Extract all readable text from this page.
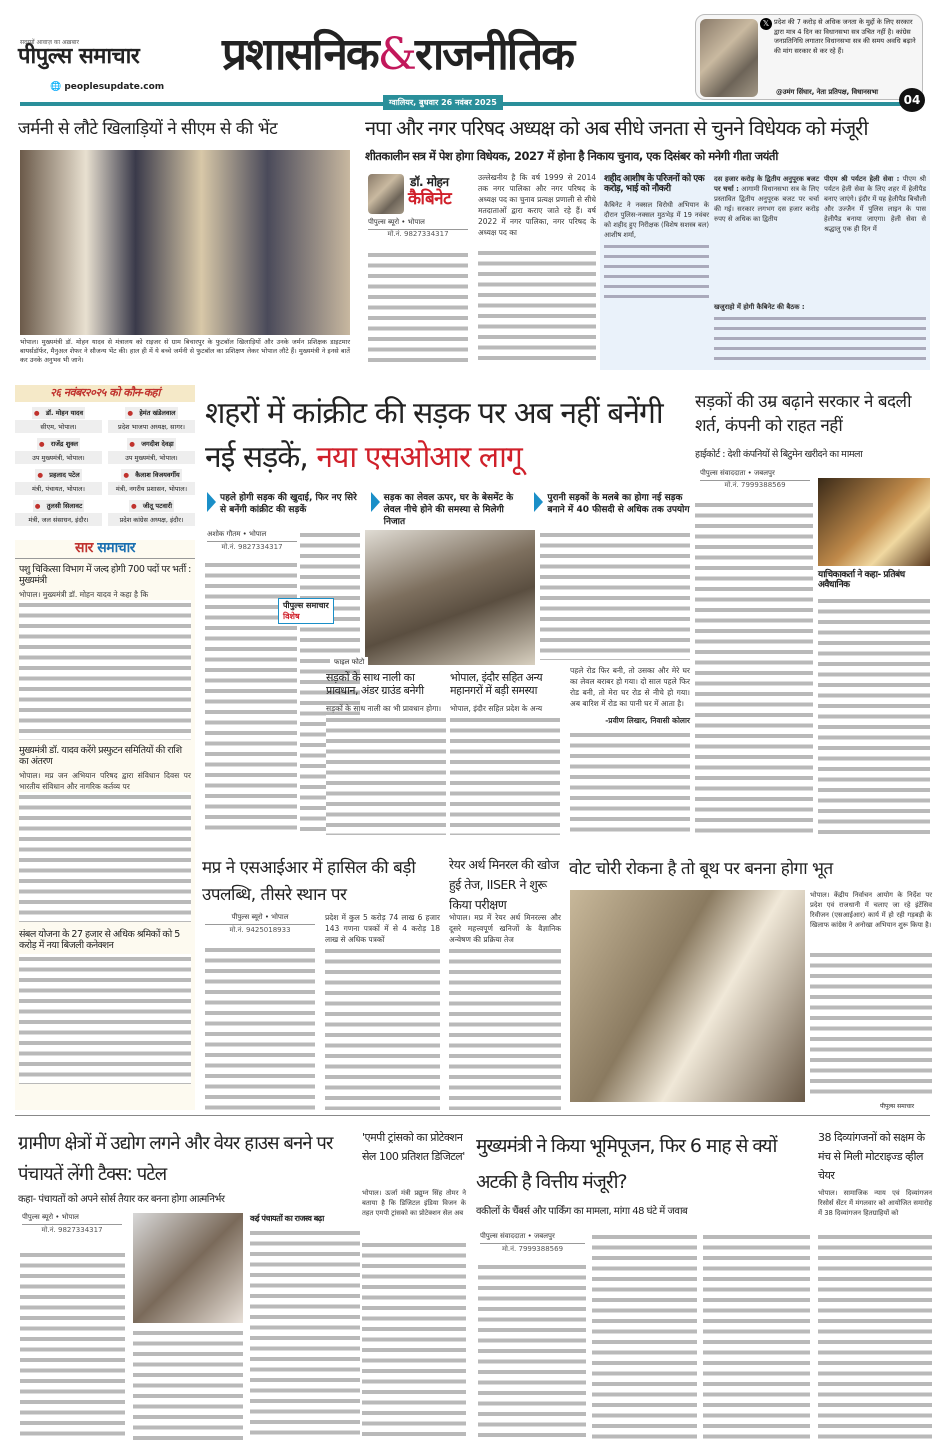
सदस्यों आवाज़ का अख़बार
पीपुल्स समाचार
🌐 peoplesupdate.com
प्रशासनिक&राजनीतिक
𝕏 प्रदेश की 7 करोड़ से अधिक जनता के मुद्दों के लिए सरकार द्वारा मात्र 4 दिन का विधानसभा सत्र उचित नहीं है। कांग्रेस जनप्रतिनिधि लगातार विधानसभा सत्र की समय अवधि बढ़ाने की मांग सरकार से कर रहे हैं।
@उमंग सिंघार, नेता प्रतिपक्ष, विधानसभा
ग्वालियर, बुधवार 26 नवंबर 2025	04
जर्मनी से लौटे खिलाड़ियों ने सीएम से की भेंट
भोपाल। मुख्यमंत्री डॉ. मोहन यादव से मंत्रालय को राइजर से ग्राम बिचारपुर के फुटबॉल खिलाड़ियों और उनके जर्मन प्रशिक्षक डाइटमार बायर्सडॉर्फर, मैनुअल शेफर ने सौजन्य भेंट की। हाल ही में ये बच्चे जर्मनी से फुटबॉल का प्रशिक्षण लेकर भोपाल लौटे हैं। मुख्यमंत्री ने इनसे बातें कर उनके अनुभव भी जाने।
नपा और नगर परिषद अध्यक्ष को अब सीधे जनता से चुनने विधेयक को मंजूरी
शीतकालीन सत्र में पेश होगा विधेयक, 2027 में होना है निकाय चुनाव, एक दिसंबर को मनेगी गीता जयंती
डॉ. मोहन
कैबिनेट
पीपुल्स ब्यूरो • भोपाल
मो.नं. 9827334317
उल्लेखनीय है कि वर्ष 1999 से 2014 तक नगर पालिका और नगर परिषद के अध्यक्ष पद का चुनाव प्रत्यक्ष प्रणाली से सीधे मतदाताओं द्वारा कराए जाते रहे हैं। वर्ष 2022 में नगर पालिका, नगर परिषद के अध्यक्ष पद का
शहीद आशीष के परिजनों को एक करोड़, भाई को नौकरी
कैबिनेट ने नक्सल विरोधी अभियान के दौरान पुलिस-नक्सल मुठभेड़ में 19 नवंबर को शहीद हुए निरीक्षक (विशेष सशस्त्र बल) आशीष शर्मा,
दस हजार करोड़ के द्वितीय अनुपूरक बजट पर चर्चा : आगामी विधानसभा सत्र के लिए प्रस्तावित द्वितीय अनुपूरक बजट पर चर्चा की गई। सरकार लगभग दस हजार करोड़ रुपए से अधिक का द्वितीय
पीएम श्री पर्यटन हेली सेवा : पीएम श्री पर्यटन हेली सेवा के लिए शहर में हेलीपैड बनाए जाएंगे। इंदौर में यह हेलीपैड बिचौली और उज्जैन में पुलिस लाइन के पास हेलीपैड बनाया जाएगा। हेली सेवा से श्रद्धालु एक ही दिन में
खजुराहो में होगी कैबिनेट की बैठक :
२६ नवंबर२०२५ को कौन-कहां
● डॉ. मोहन यादव
सीएम, भोपाल।
● हेमंत खंडेलवाल
प्रदेश भाजपा अध्यक्ष, सागर।
● राजेंद्र शुक्ल
उप मुख्यमंत्री, भोपाल।
● जगदीश देवड़ा
उप मुख्यमंत्री, भोपाल।
● प्रहलाद पटेल
मंत्री, पंचायत, भोपाल।
● कैलाश विजयवर्गीय
मंत्री, नगरीय प्रशासन, भोपाल।
● तुलसी सिलावट
मंत्री, जल संसाधन, इंदौर।
● जीतू पटवारी
प्रदेश कांग्रेस अध्यक्ष, इंदौर।
सार समाचार
पशु चिकित्सा विभाग में जल्द होगी 700 पदों पर भर्ती : मुख्यमंत्री
भोपाल। मुख्यमंत्री डॉ. मोहन यादव ने कहा है कि
मुख्यमंत्री डॉ. यादव करेंगे प्रस्फुटन समितियों की राशि का अंतरण
भोपाल। मप्र जन अभियान परिषद द्वारा संविधान दिवस पर भारतीय संविधान और नागरिक कर्तव्य पर
संबल योजना के 27 हजार से अधिक श्रमिकों को 5 करोड़ में नया बिजली कनेक्शन
शहरों में कांक्रीट की सड़क पर अब नहीं बनेंगी नई सड़कें, नया एसओआर लागू
पहले होगी सड़क की खुदाई, फिर नए सिरे से बनेंगी कांक्रीट की सड़कें
सड़क का लेवल ऊपर, घर के बेसमेंट के लेवल नीचे होने की समस्या से मिलेगी निजात
पुरानी सड़कों के मलबे का होगा नई सड़क बनाने में 40 फीसदी से अधिक तक उपयोग
अशोक गौतम • भोपाल
मो.नं. 9827334317
पीपुल्स समाचार
विशेष
फाइल फोटो
सड़कों के साथ नाली का प्रावधान, अंडर ग्राउंड बनेगी
सड़कों के साथ नाली का भी प्रावधान होगा।
भोपाल, इंदौर सहित अन्य महानगरों में बड़ी समस्या
भोपाल, इंदौर सहित प्रदेश के अन्य
पहले रोड फिर बनी, तो उसका और मेरे घर का लेवल बराबर हो गया। दो साल पहले फिर रोड बनी, तो मेरा घर रोड से नीचे हो गया। अब बारिश में रोड का पानी घर में आता है।
-प्रवीण लिखार, निवासी कोलार
सड़कों की उम्र बढ़ाने सरकार ने बदली शर्त, कंपनी को राहत नहीं
हाईकोर्ट : देशी कंपनियों से बिटुमेन खरीदने का मामला
पीपुल्स संवाददाता • जबलपुर
मो.नं. 7999388569
याचिकाकर्ता ने कहा- प्रतिबंध अवैधानिक
मप्र ने एसआईआर में हासिल की बड़ी उपलब्धि, तीसरे स्थान पर
पीपुल्स ब्यूरो • भोपाल
मो.नं. 9425018933
प्रदेश में कुल 5 करोड़ 74 लाख 6 हजार 143 गणना पत्रकों में से 4 करोड़ 18 लाख से अधिक पत्रकों
रेयर अर्थ मिनरल की खोज हुई तेज, IISER ने शुरू किया परीक्षण
भोपाल। मप्र में रेयर अर्थ मिनरल्स और दूसरे महत्त्वपूर्ण खनिजों के वैज्ञानिक अन्वेषण की प्रक्रिया तेज
वोट चोरी रोकना है तो बूथ पर बनना होगा भूत
भोपाल। केंद्रीय निर्वाचन आयोग के निर्देश पर प्रदेश एवं राजधानी में चलाए जा रहे इंटेंसिव रिवीजन (एसआईआर) कार्य में हो रही गड़बड़ी के खिलाफ कांग्रेस ने अनोखा अभियान शुरू किया है।
पीपुल्स समाचार
ग्रामीण क्षेत्रों में उद्योग लगने और वेयर हाउस बनने पर पंचायतें लेंगी टैक्स: पटेल
कहा- पंचायतों को अपने सोर्स तैयार कर बनना होगा आत्मनिर्भर
पीपुल्स ब्यूरो • भोपाल
मो.नं. 9827334317
कई पंचायतों का राजस्व बढ़ा
'एमपी ट्रांसको का प्रोटेक्शन सेल 100 प्रतिशत डिजिटल'
भोपाल। ऊर्जा मंत्री प्रद्युम्न सिंह तोमर ने बताया है कि डिजिटल इंडिया विजन के तहत एमपी ट्रांसको का प्रोटेक्शन सेल अब
मुख्यमंत्री ने किया भूमिपूजन, फिर 6 माह से क्यों अटकी है वित्तीय मंजूरी?
वकीलों के चैंबर्स और पार्किंग का मामला, मांगा 48 घंटे में जवाब
पीपुल्स संवाददाता • जबलपुर
मो.नं. 7999388569
38 दिव्यांगजनों को सक्षम के मंच से मिली मोटराइज्ड व्हील चेयर
भोपाल। सामाजिक न्याय एवं दिव्यांगजन रिसोर्स सेंटर में मंगलवार को आयोजित समारोह में 38 दिव्यांगजन हितग्राहियों को
